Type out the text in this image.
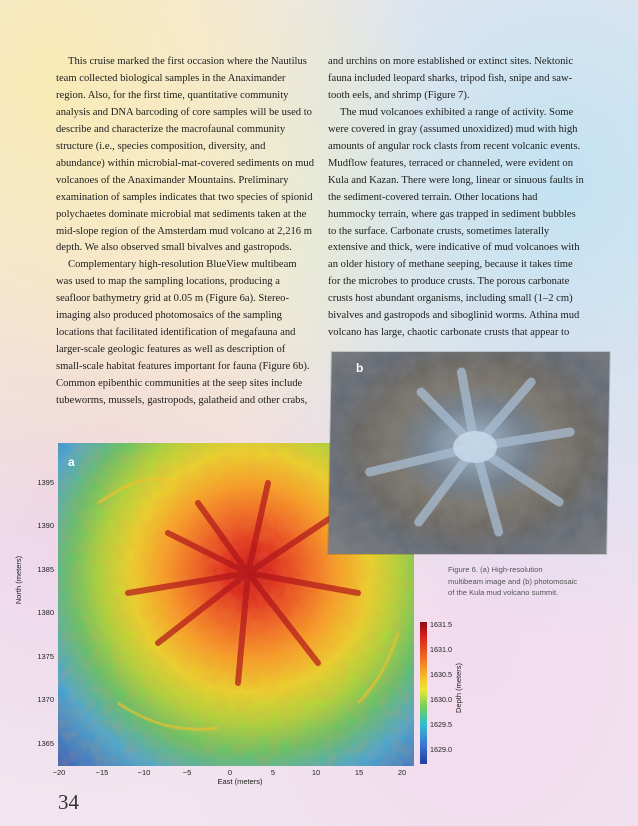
This cruise marked the first occasion where the Nautilus team collected biological samples in the Anaximander region. Also, for the first time, quantitative community analysis and DNA barcoding of core samples will be used to describe and characterize the macrofaunal community structure (i.e., species composition, diversity, and abundance) within microbial-mat-covered sediments on mud volcanoes of the Anaximander Mountains. Preliminary examination of samples indicates that two species of spionid polychaetes dominate microbial mat sediments taken at the mid-slope region of the Amsterdam mud volcano at 2,216 m depth. We also observed small bivalves and gastropods.

Complementary high-resolution BlueView multibeam was used to map the sampling locations, producing a seafloor bathymetry grid at 0.05 m (Figure 6a). Stereo-imaging also produced photomosaics of the sampling locations that facilitated identification of megafauna and larger-scale geologic features as well as description of small-scale habitat features important for fauna (Figure 6b). Common epibenthic communities at the seep sites include tubeworms, mussels, gastropods, galatheid and other crabs,

and urchins on more established or extinct sites. Nektonic fauna included leopard sharks, tripod fish, snipe and saw-tooth eels, and shrimp (Figure 7).

The mud volcanoes exhibited a range of activity. Some were covered in gray (assumed unoxidized) mud with high amounts of angular rock clasts from recent volcanic events. Mudflow features, terraced or channeled, were evident on Kula and Kazan. There were long, linear or sinuous faults in the sediment-covered terrain. Other locations had hummocky terrain, where gas trapped in sediment bubbles to the surface. Carbonate crusts, sometimes laterally extensive and thick, were indicative of mud volcanoes with an older history of methane seeping, because it takes time for the microbes to produce crusts. The porous carbonate crusts host abundant organisms, including small (1–2 cm) bivalves and gastropods and siboglinid worms. Athina mud volcano has large, chaotic carbonate crusts that appear to

a
1395
1390
1385
1380
1375
1370
1365
−20	−15	−10	−5	0	5	10	15	20
North (meters)
East (meters)
1631.5
1631.0
1630.5
1630.0
1629.5
1629.0
Depth (meters)
b
Figure 6. (a) High-resolution multibeam image and (b) photomosaic of the Kula mud volcano summit.
34
